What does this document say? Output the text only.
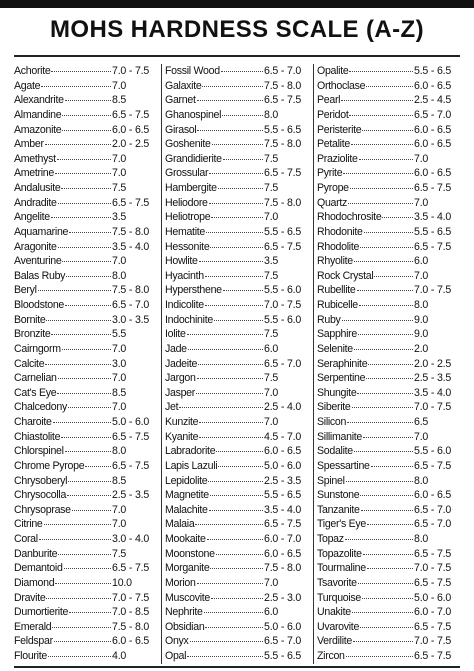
MOHS HARDNESS SCALE (A-Z)
Achorite	7.0 - 7.5
Agate	7.0
Alexandrite	8.5
Almandine	6.5 - 7.5
Amazonite	6.0 - 6.5
Amber	2.0 - 2.5
Amethyst	7.0
Ametrine	7.0
Andalusite	7.5
Andradite	6.5 - 7.5
Angelite	3.5
Aquamarine	7.5 - 8.0
Aragonite	3.5 - 4.0
Aventurine	7.0
Balas Ruby	8.0
Beryl	7.5 - 8.0
Bloodstone	6.5 - 7.0
Bornite	3.0 - 3.5
Bronzite	5.5
Cairngorm	7.0
Calcite	3.0
Carnelian	7.0
Cat's Eye	8.5
Chalcedony	7.0
Charoite	5.0 - 6.0
Chiastolite	6.5 - 7.5
Chlorspinel	8.0
Chrome Pyrope	6.5 - 7.5
Chrysoberyl	8.5
Chrysocolla	2.5 - 3.5
Chrysoprase	7.0
Citrine	7.0
Coral	3.0 - 4.0
Danburite	7.5
Demantoid	6.5 - 7.5
Diamond	10.0
Dravite	7.0 - 7.5
Dumortierite	7.0 - 8.5
Emerald	7.5 - 8.0
Feldspar	6.0 - 6.5
Flourite	4.0
Fossil Wood	6.5 - 7.0
Galaxite	7.5 - 8.0
Garnet	6.5 - 7.5
Ghanospinel	8.0
Girasol	5.5 - 6.5
Goshenite	7.5 - 8.0
Grandidierite	7.5
Grossular	6.5 - 7.5
Hambergite	7.5
Heliodore	7.5 - 8.0
Heliotrope	7.0
Hematite	5.5 - 6.5
Hessonite	6.5 - 7.5
Howlite	3.5
Hyacinth	7.5
Hypersthene	5.5 - 6.0
Indicolite	7.0 - 7.5
Indochinite	5.5 - 6.0
Iolite	7.5
Jade	6.0
Jadeite	6.5 - 7.0
Jargon	7.5
Jasper	7.0
Jet	2.5 - 4.0
Kunzite	7.0
Kyanite	4.5 - 7.0
Labradorite	6.0 - 6.5
Lapis Lazuli	5.0 - 6.0
Lepidolite	2.5 - 3.5
Magnetite	5.5 - 6.5
Malachite	3.5 - 4.0
Malaia	6.5 - 7.5
Mookaite	6.0 - 7.0
Moonstone	6.0 - 6.5
Morganite	7.5 - 8.0
Morion	7.0
Muscovite	2.5 - 3.0
Nephrite	6.0
Obsidian	5.0 - 6.0
Onyx	6.5 - 7.0
Opal	5.5 - 6.5
Opalite	5.5 - 6.5
Orthoclase	6.0 - 6.5
Pearl	2.5 - 4.5
Peridot	6.5 - 7.0
Peristerite	6.0 - 6.5
Petalite	6.0 - 6.5
Praziolite	7.0
Pyrite	6.0 - 6.5
Pyrope	6.5 - 7.5
Quartz	7.0
Rhodochrosite	3.5 - 4.0
Rhodonite	5.5 - 6.5
Rhodolite	6.5 - 7.5
Rhyolite	6.0
Rock Crystal	7.0
Rubellite	7.0 - 7.5
Rubicelle	8.0
Ruby	9.0
Sapphire	9.0
Selenite	2.0
Seraphinite	2.0 - 2.5
Serpentine	2.5 - 3.5
Shungite	3.5 - 4.0
Siberite	7.0 - 7.5
Silicon	6.5
Sillimanite	7.0
Sodalite	5.5 - 6.0
Spessartine	6.5 - 7.5
Spinel	8.0
Sunstone	6.0 - 6.5
Tanzanite	6.5 - 7.0
Tiger's Eye	6.5 - 7.0
Topaz	8.0
Topazolite	6.5 - 7.5
Tourmaline	7.0 - 7.5
Tsavorite	6.5 - 7.5
Turquoise	5.0 - 6.0
Unakite	6.0 - 7.0
Uvarovite	6.5 - 7.5
Verdilite	7.0 - 7.5
Zircon	6.5 - 7.5
